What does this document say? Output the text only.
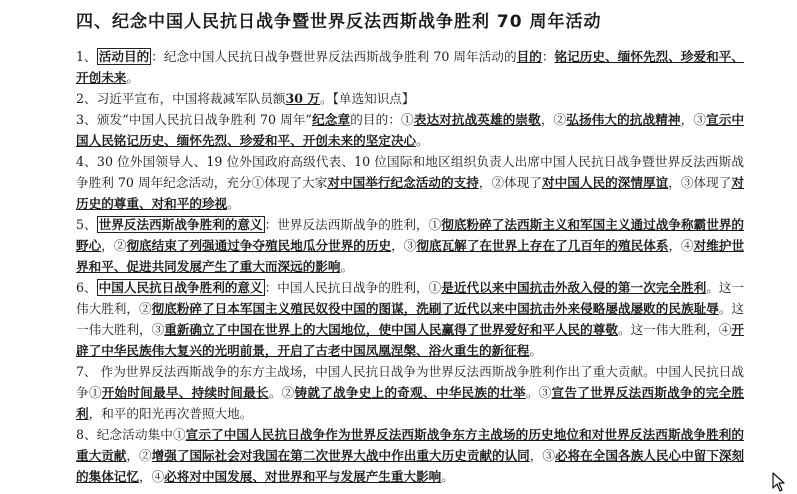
四、纪念中国人民抗日战争暨世界反法西斯战争胜利 70 周年活动

1、 活动目的 ：纪念中国人民抗日战争暨世界反法西斯战争胜利 70 周年活动的目的：铭记历史、缅怀先烈、珍爱和平、开创未来。

2、习近平宣布，中国将裁减军队员额30 万。【单选知识点】

3、颁发“中国人民抗日战争胜利 70 周年”纪念章的目的：①表达对抗战英雄的崇敬，②弘扬伟大的抗战精神，③宣示中国人民铭记历史、缅怀先烈、珍爱和平、开创未来的坚定决心。

4、30 位外国领导人、19 位外国政府高级代表、10 位国际和地区组织负责人出席中国人民抗日战争暨世界反法西斯战争胜利 70 周年纪念活动，充分①体现了大家对中国举行纪念活动的支持，②体现了对中国人民的深情厚谊，③体现了对历史的尊重、对和平的珍视。

5、 世界反法西斯战争胜利的意义 ：世界反法西斯战争的胜利，①彻底粉碎了法西斯主义和军国主义通过战争称霸世界的野心，②彻底结束了列强通过争夺殖民地瓜分世界的历史，③彻底瓦解了在世界上存在了几百年的殖民体系，④对维护世界和平、促进共同发展产生了重大而深远的影响。

6、 中国人民抗日战争胜利的意义 ：中国人民抗日战争的胜利，①是近代以来中国抗击外敌入侵的第一次完全胜利。这一伟大胜利，②彻底粉碎了日本军国主义殖民奴役中国的图谋，洗刷了近代以来中国抗击外来侵略屡战屡败的民族耻辱。这一伟大胜利，③重新确立了中国在世界上的大国地位，使中国人民赢得了世界爱好和平人民的尊敬。这一伟大胜利，④开辟了中华民族伟大复兴的光明前景，开启了古老中国凤凰涅槃、浴火重生的新征程。

7、 作为世界反法西斯战争的东方主战场，中国人民抗日战争为世界反法西斯战争胜利作出了重大贡献。中国人民抗日战争①开始时间最早、持续时间最长。②铸就了战争史上的奇观、中华民族的壮举。③宣告了世界反法西斯战争的完全胜利，和平的阳光再次普照大地。

8、纪念活动集中①宣示了中国人民抗日战争作为世界反法西斯战争东方主战场的历史地位和对世界反法西斯战争胜利的重大贡献，②增强了国际社会对我国在第二次世界大战中作出重大历史贡献的认同，③必将在全国各族人民心中留下深刻的集体记忆，④必将对中国发展、对世界和平与发展产生重大影响。
